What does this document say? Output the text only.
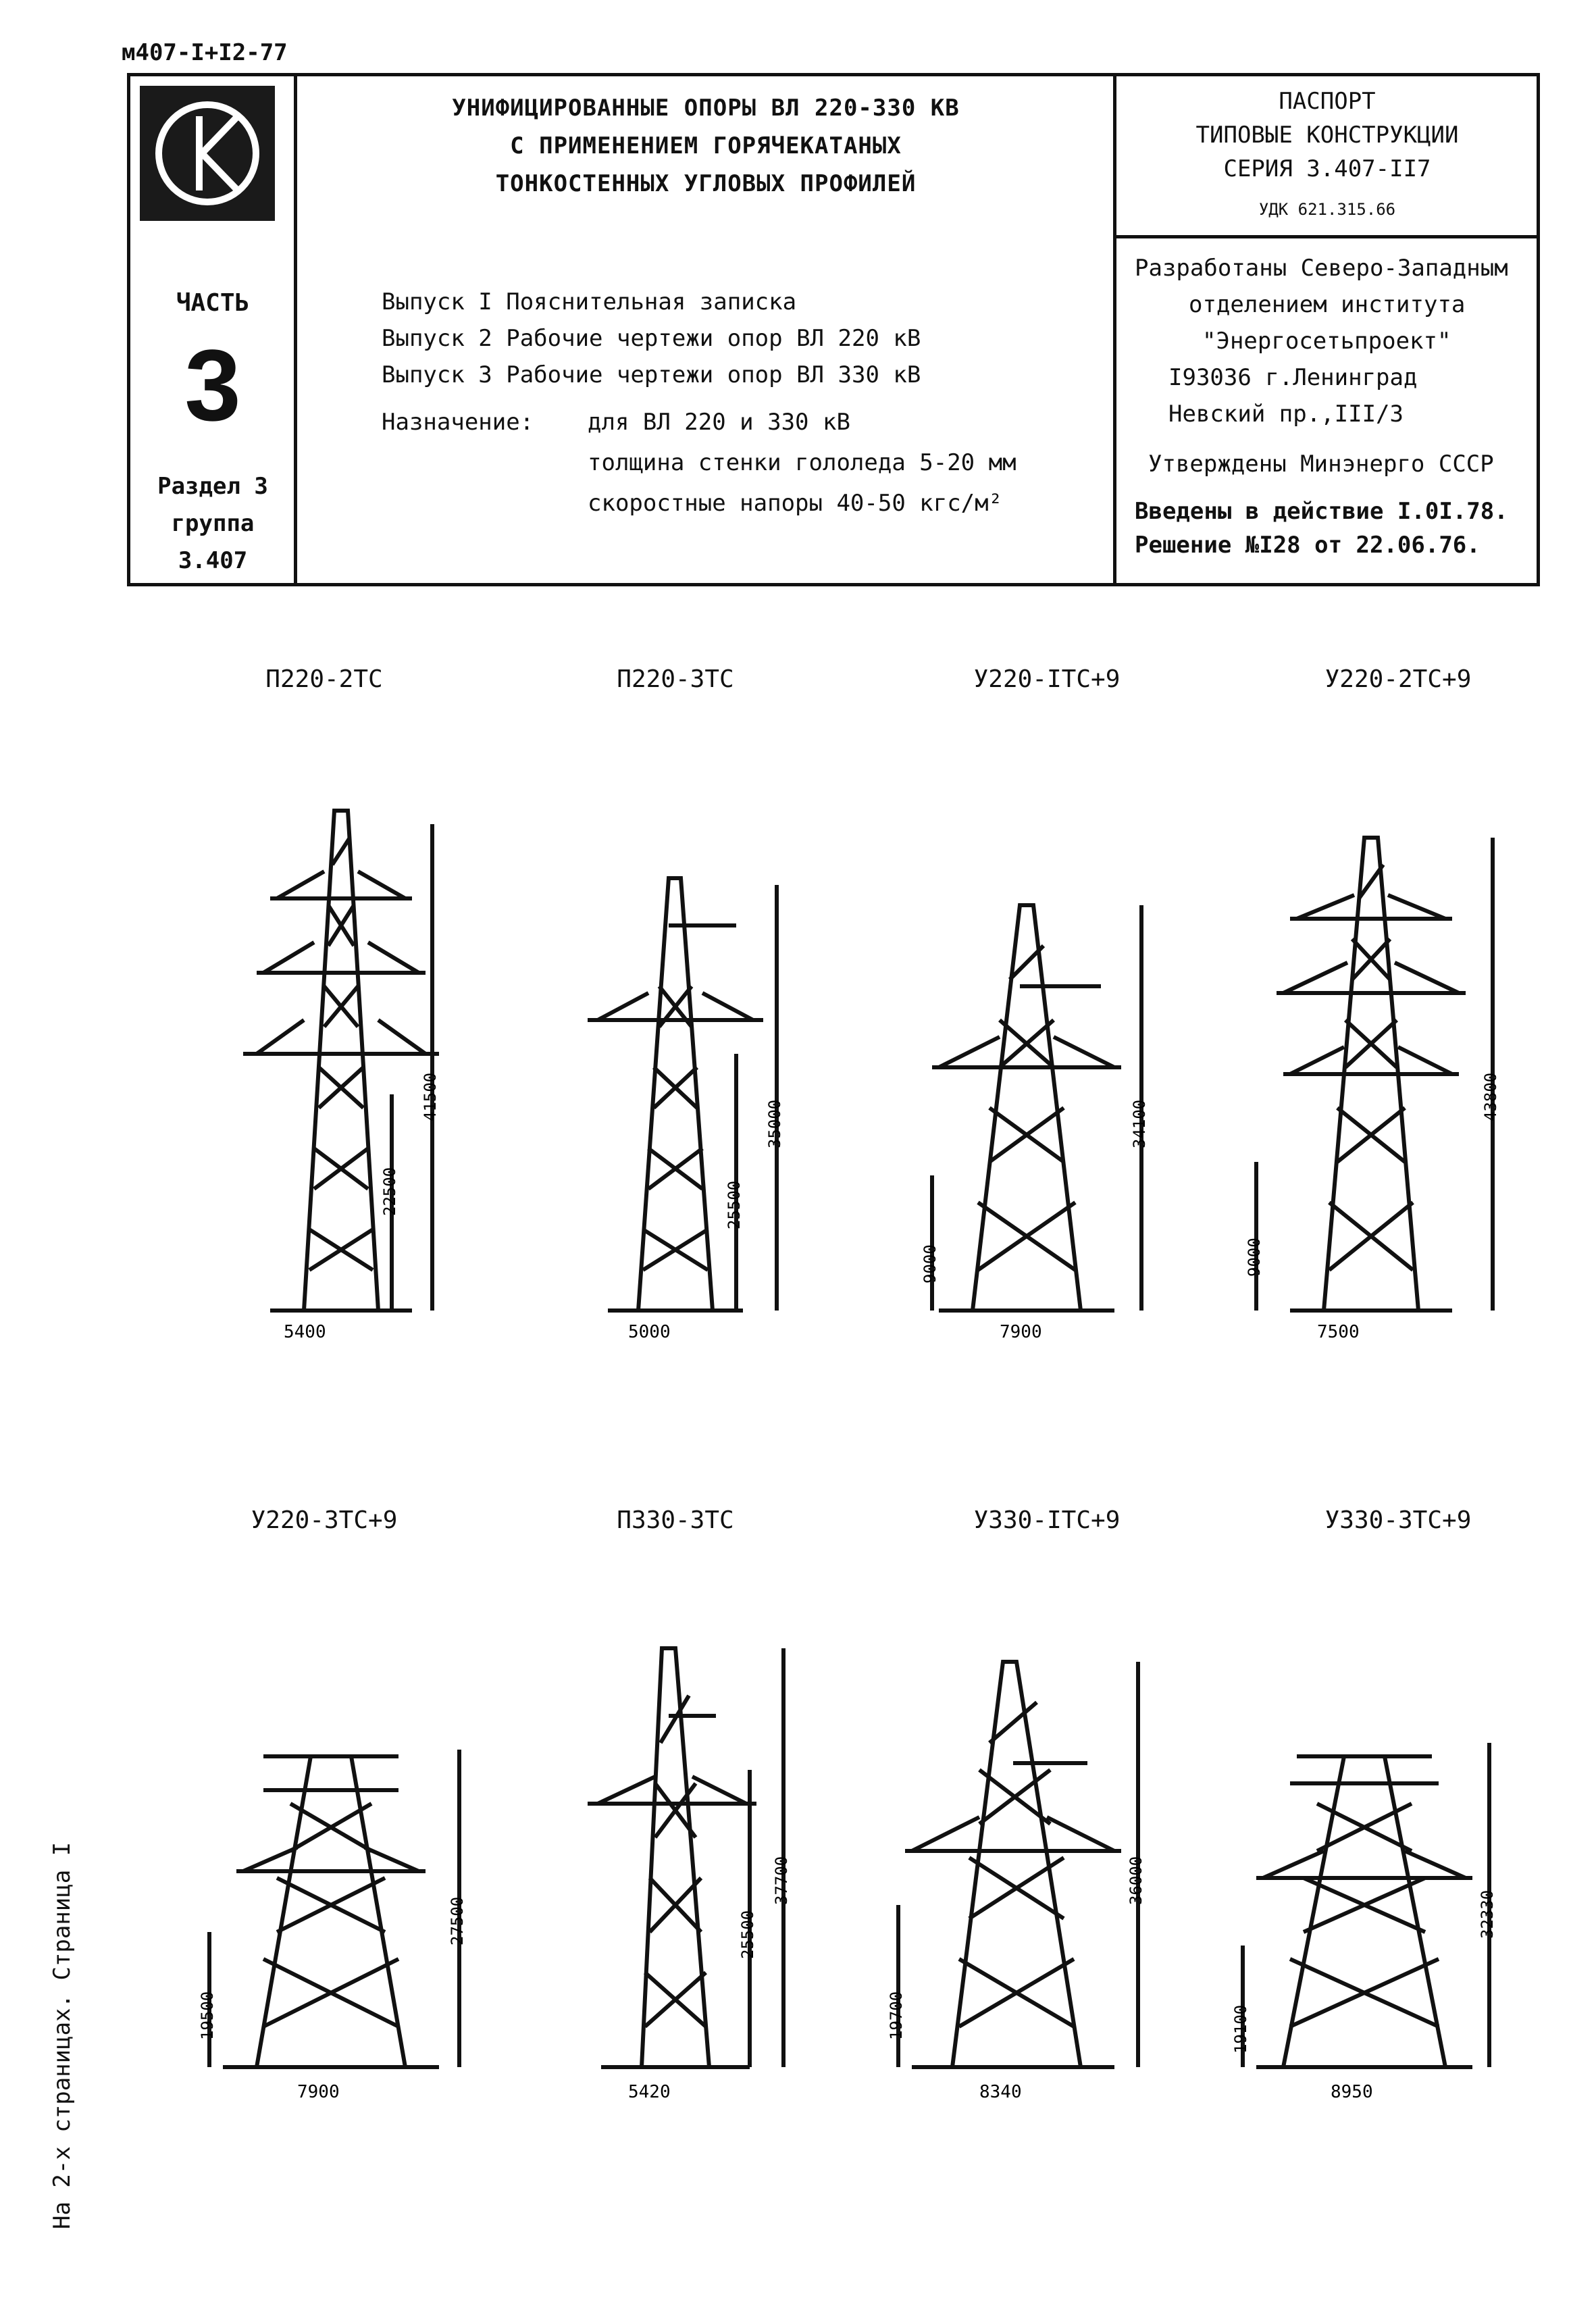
м407-I+I2-77
ЧАСТЬ
3
Раздел 3
группа
3.407
УНИФИЦИРОВАННЫЕ ОПОРЫ ВЛ 220-330 КВ
С ПРИМЕНЕНИЕМ ГОРЯЧЕКАТАНЫХ
ТОНКОСТЕННЫХ УГЛОВЫХ ПРОФИЛЕЙ
Выпуск I Пояснительная записка
Выпуск 2 Рабочие чертежи опор ВЛ 220 кВ
Выпуск 3 Рабочие чертежи опор ВЛ 330 кВ
Назначение: для ВЛ 220 и 330 кВ
толщина стенки гололеда 5-20 мм
скоростные напоры 40-50 кгс/м²
ПАСПОРТ
ТИПОВЫЕ КОНСТРУКЦИИ
СЕРИЯ 3.407-II7
УДК 621.315.66
Разработаны Северо-Западным
отделением института
"Энергосетьпроект"
I93036 г.Ленинград
Невский пр.,III/3
Утверждены Минэнерго СССР
Введены в действие I.0I.78.
Решение №I28 от 22.06.76.
П220-2ТС	П220-3ТС	У220-IТС+9	У220-2ТС+9
У220-3ТС+9	П330-3ТС	У330-IТС+9	У330-3ТС+9
5400
41500
22500
5000
35000
25500
7900
34100
9000
7500
43800
9000
7900
27500
19500
5420
37700
25500
8340
36000
19700
8950
32330
19100
На 2-х страницах. Страница I
